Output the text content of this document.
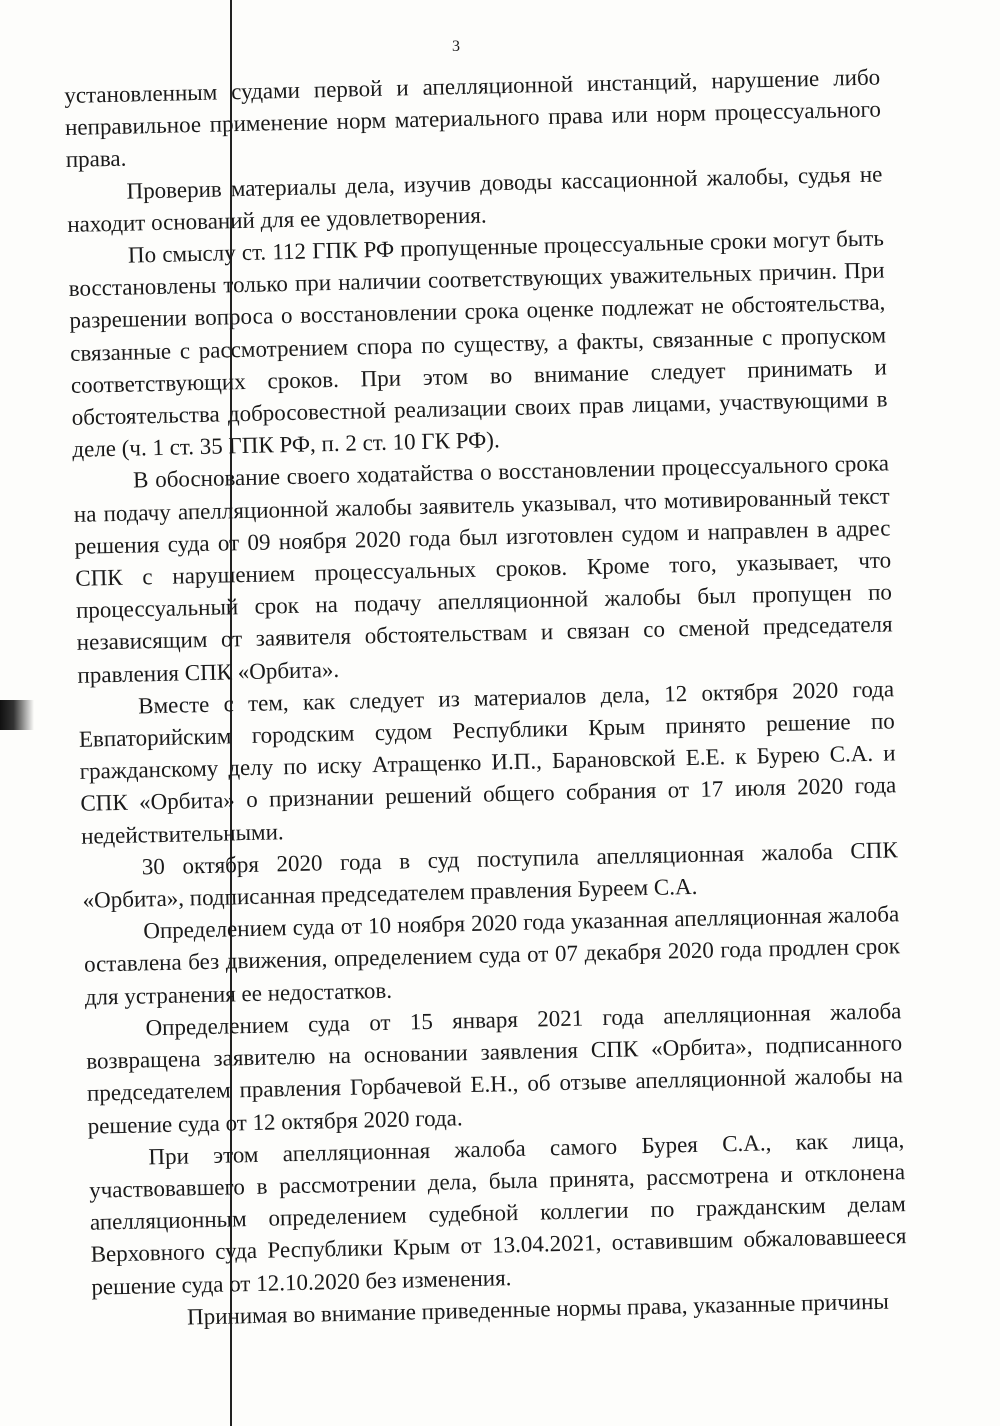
3

установленным судами первой и апелляционной инстанций, нарушение либо неправильное применение норм материального права или норм процессуального права.

Проверив материалы дела, изучив доводы кассационной жалобы, судья не находит оснований для ее удовлетворения.

По смыслу ст. 112 ГПК РФ пропущенные процессуальные сроки могут быть восстановлены только при наличии соответствующих уважительных причин. При разрешении вопроса о восстановлении срока оценке подлежат не обстоятельства, связанные с рассмотрением спора по существу, а факты, связанные с пропуском соответствующих сроков. При этом во внимание следует принимать и обстоятельства добросовестной реализации своих прав лицами, участвующими в деле (ч. 1 ст. 35 ГПК РФ, п. 2 ст. 10 ГК РФ).

В обоснование своего ходатайства о восстановлении процессуального срока на подачу апелляционной жалобы заявитель указывал, что мотивированный текст решения суда от 09 ноября 2020 года был изготовлен судом и направлен в адрес СПК с нарушением процессуальных сроков. Кроме того, указывает, что процессуальный срок на подачу апелляционной жалобы был пропущен по независящим от заявителя обстоятельствам и связан со сменой председателя правления СПК «Орбита».

Вместе с тем, как следует из материалов дела, 12 октября 2020 года Евпаторийским городским судом Республики Крым принято решение по гражданскому делу по иску Атращенко И.П., Барановской Е.Е. к Бурею С.А. и СПК «Орбита» о признании решений общего собрания от 17 июля 2020 года недействительными.

30 октября 2020 года в суд поступила апелляционная жалоба СПК «Орбита», подписанная председателем правления Буреем С.А.

Определением суда от 10 ноября 2020 года указанная апелляционная жалоба оставлена без движения, определением суда от 07 декабря 2020 года продлен срок для устранения ее недостатков.

Определением суда от 15 января 2021 года апелляционная жалоба возвращена заявителю на основании заявления СПК «Орбита», подписанного председателем правления Горбачевой Е.Н., об отзыве апелляционной жалобы на решение суда от 12 октября 2020 года.

При этом апелляционная жалоба самого Бурея С.А., как лица, участвовавшего в рассмотрении дела, была принята, рассмотрена и отклонена апелляционным определением судебной коллегии по гражданским делам Верховного суда Республики Крым от 13.04.2021, оставившим обжаловавшееся решение суда от 12.10.2020 без изменения.

Принимая во внимание приведенные нормы права, указанные причины
